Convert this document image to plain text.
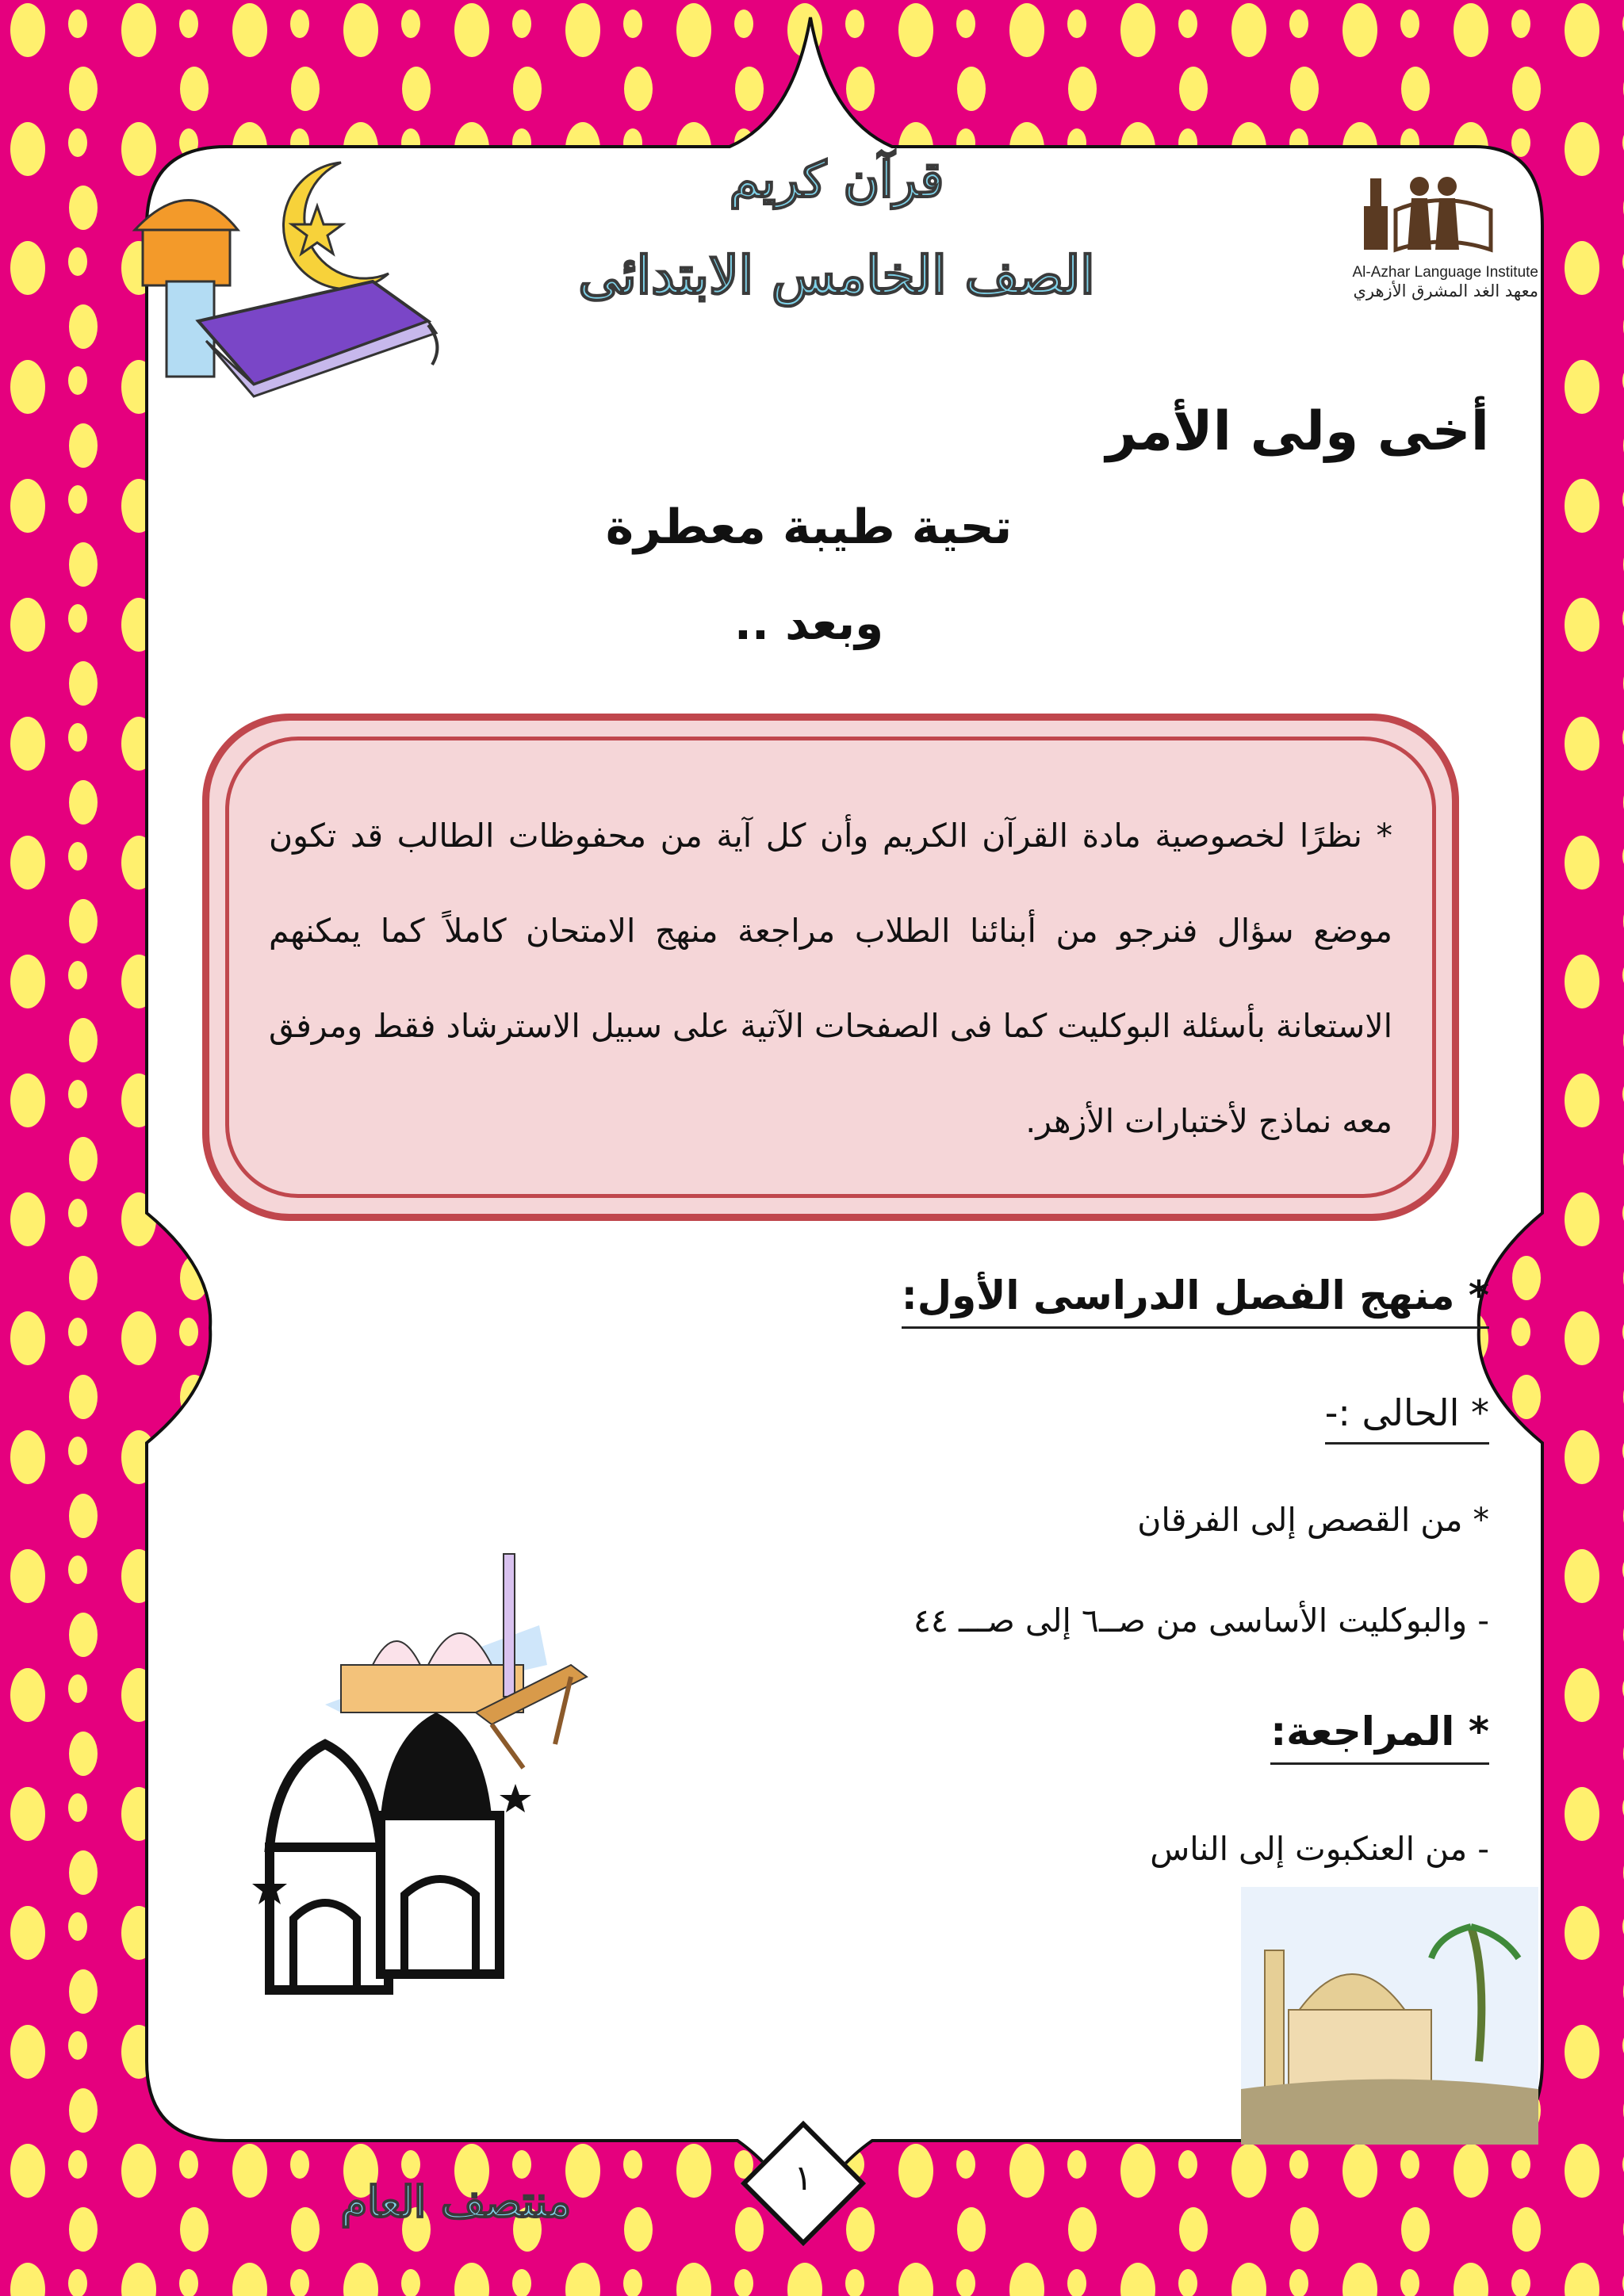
قرآن كريم
الصف الخامس الابتدائى	Al-Azhar Language Institute
معهد الغد المشرق الأزهري
أخى ولى الأمر
تحية طيبة معطرة
وبعد ..
* نظرًا لخصوصية مادة القرآن الكريم وأن كل آية من محفوظات الطالب قد تكون موضع سؤال فنرجو من أبنائنا الطلاب مراجعة منهج الامتحان كاملاً كما يمكنهم الاستعانة بأسئلة البوكليت كما فى الصفحات الآتية على سبيل الاسترشاد فقط ومرفق معه نماذج لأختبارات الأزهر.
* منهج الفصل الدراسى الأول:
* الحالى :-
* من القصص إلى الفرقان
- والبوكليت الأساسى من صــ٦ إلى صـــ ٤٤
* المراجعة:
- من العنكبوت إلى الناس
منتصف العام	١
